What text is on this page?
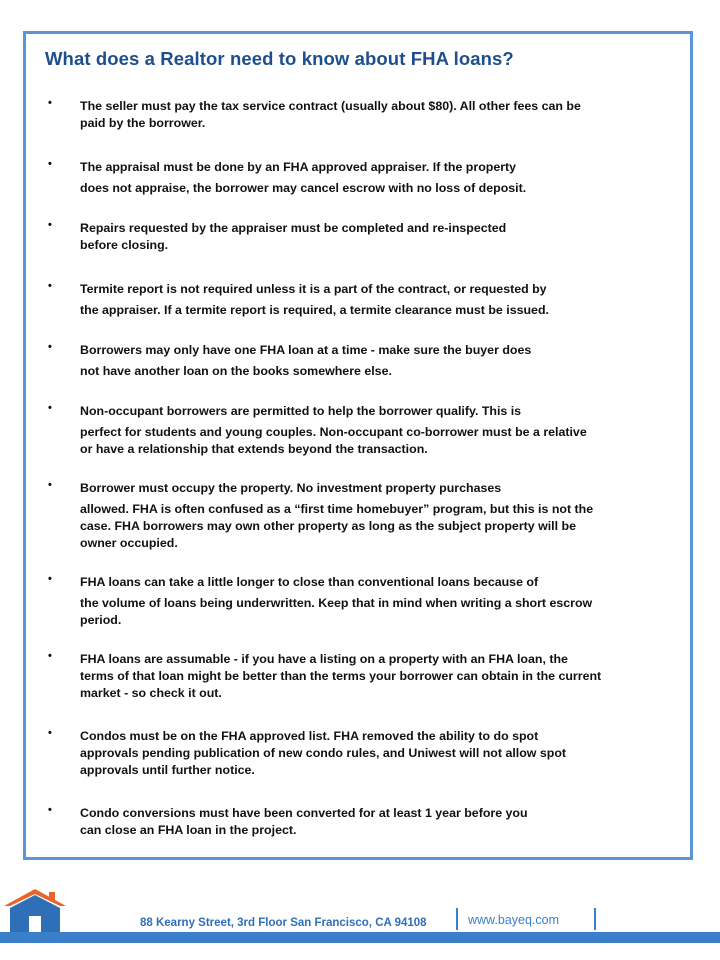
What does a Realtor need to know about FHA loans?
• The seller must pay the tax service contract (usually about $80). All other fees can be
paid by the borrower.
• The appraisal must be done by an FHA approved appraiser. If the property
does not appraise, the borrower may cancel escrow with no loss of deposit.
• Repairs requested by the appraiser must be completed and re-inspected
before closing.
• Termite report is not required unless it is a part of the contract, or requested by
the appraiser. If a termite report is required, a termite clearance must be issued.
• Borrowers may only have one FHA loan at a time - make sure the buyer does
not have another loan on the books somewhere else.
• Non-occupant borrowers are permitted to help the borrower qualify. This is
perfect for students and young couples. Non-occupant co-borrower must be a relative
or have a relationship that extends beyond the transaction.
• Borrower must occupy the property. No investment property purchases
allowed. FHA is often confused as a “first time homebuyer” program, but this is not the
case. FHA borrowers may own other property as long as the subject property will be
owner occupied.
• FHA loans can take a little longer to close than conventional loans because of
the volume of loans being underwritten. Keep that in mind when writing a short escrow
period.
• FHA loans are assumable - if you have a listing on a property with an FHA loan, the
terms of that loan might be better than the terms your borrower can obtain in the current
market - so check it out.
• Condos must be on the FHA approved list. FHA removed the ability to do spot
approvals pending publication of new condo rules, and Uniwest will not allow spot
approvals until further notice.
• Condo conversions must have been converted for at least 1 year before you
can close an FHA loan in the project.
88 Kearny Street, 3rd Floor San Francisco, CA 94108	www.bayeq.com
